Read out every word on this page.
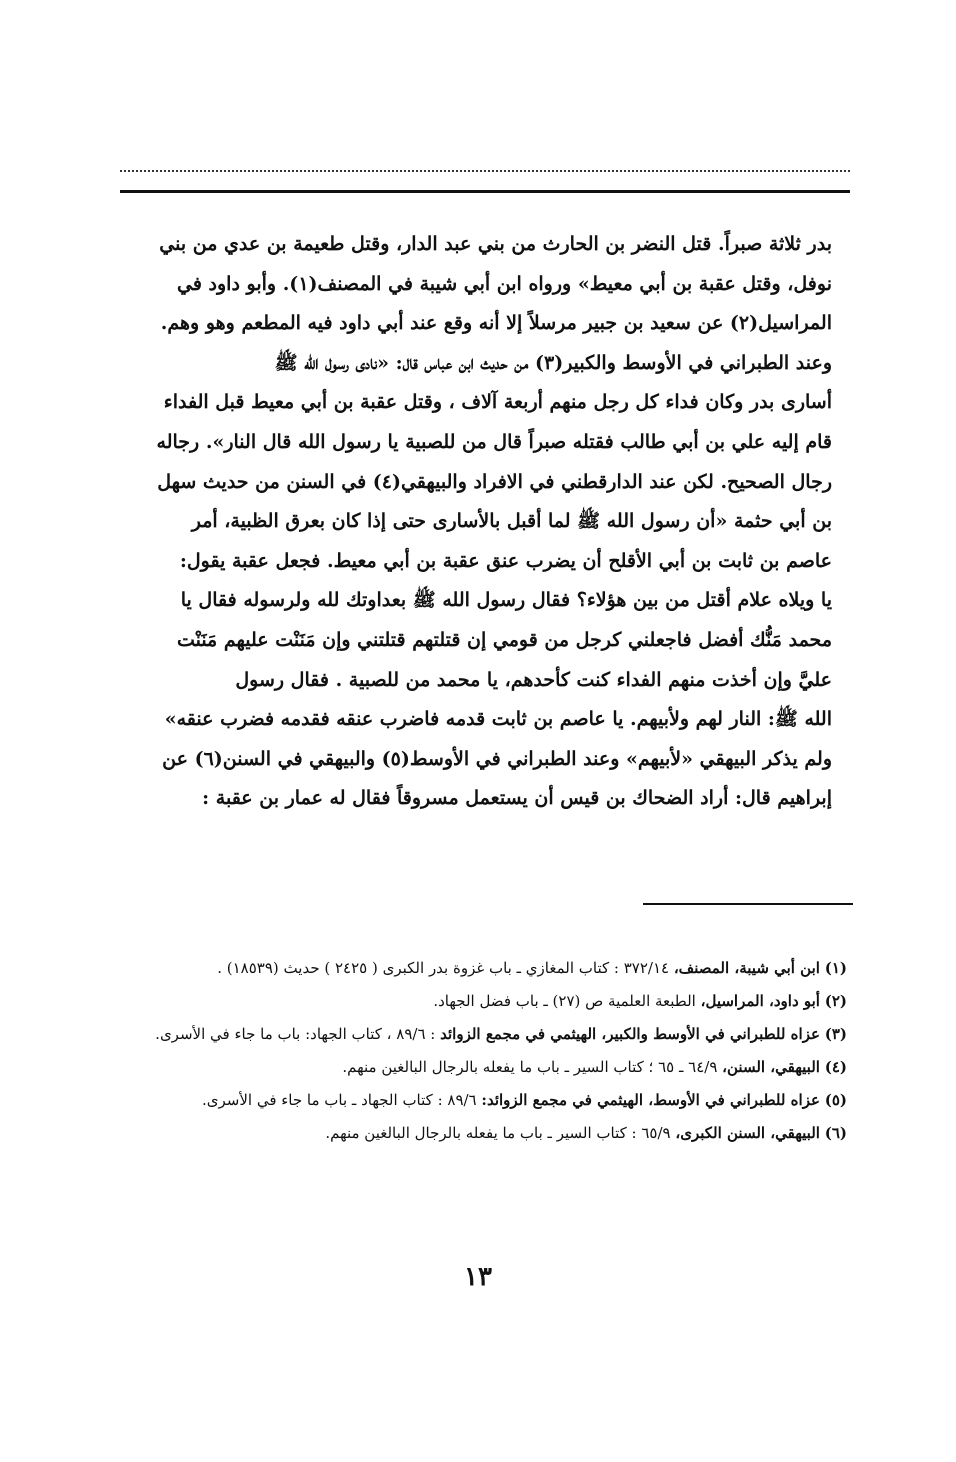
بدر ثلاثة صبراً. قتل النضر بن الحارث من بني عبد الدار، وقتل طعيمة بن عدي من بني
نوفل، وقتل عقبة بن أبي معيط» ورواه ابن أبي شيبة في المصنف(١). وأبو داود في
المراسيل(٢) عن سعيد بن جبير مرسلاً إلا أنه وقع عند أبي داود فيه المطعم وهو وهم.
وعند الطبراني في الأوسط والكبير(٣) من حديث ابن عباس قال: «نادى رسول الله ﷺ
أسارى بدر وكان فداء كل رجل منهم أربعة آلاف ، وقتل عقبة بن أبي معيط قبل الفداء
قام إليه علي بن أبي طالب فقتله صبراً قال من للصبية يا رسول الله قال النار». رجاله
رجال الصحيح. لكن عند الدارقطني في الافراد والبيهقي(٤) في السنن من حديث سهل
بن أبي حثمة «أن رسول الله ﷺ لما أقبل بالأسارى حتى إذا كان بعرق الظبية، أمر
عاصم بن ثابت بن أبي الأقلح أن يضرب عنق عقبة بن أبي معيط. فجعل عقبة يقول:
يا ويلاه علام أقتل من بين هؤلاء؟ فقال رسول الله ﷺ بعداوتك لله ولرسوله فقال يا
محمد مَنُّك أفضل فاجعلني كرجل من قومي إن قتلتهم قتلتني وإن مَنَنْت عليهم مَنَنْت
عليَّ وإن أخذت منهم الفداء كنت كأحدهم، يا محمد من للصبية . فقال رسول
الله ﷺ: النار لهم ولأبيهم. يا عاصم بن ثابت قدمه فاضرب عنقه فقدمه فضرب عنقه»
ولم يذكر البيهقي «لأبيهم» وعند الطبراني في الأوسط(٥) والبيهقي في السنن(٦) عن
إبراهيم قال: أراد الضحاك بن قيس أن يستعمل مسروقاً فقال له عمار بن عقبة :
(١) ابن أبي شيبة، المصنف، ٣٧٢/١٤ : كتاب المغازي ـ باب غزوة بدر الكبرى ( ٢٤٢٥ ) حديث (١٨٥٣٩) .
(٢) أبو داود، المراسيل، الطبعة العلمية ص (٢٧) ـ باب فضل الجهاد.
(٣) عزاه للطبراني في الأوسط والكبير، الهيثمي في مجمع الزوائد : ٨٩/٦ ، كتاب الجهاد: باب ما جاء في الأسرى.
(٤) البيهقي، السنن، ٦٤/٩ ـ ٦٥ ؛ كتاب السير ـ باب ما يفعله بالرجال البالغين منهم.
(٥) عزاه للطبراني في الأوسط، الهيثمي في مجمع الزوائد: ٨٩/٦ : كتاب الجهاد ـ باب ما جاء في الأسرى.
(٦) البيهقي، السنن الكبرى، ٦٥/٩ : كتاب السير ـ باب ما يفعله بالرجال البالغين منهم.
١٣
